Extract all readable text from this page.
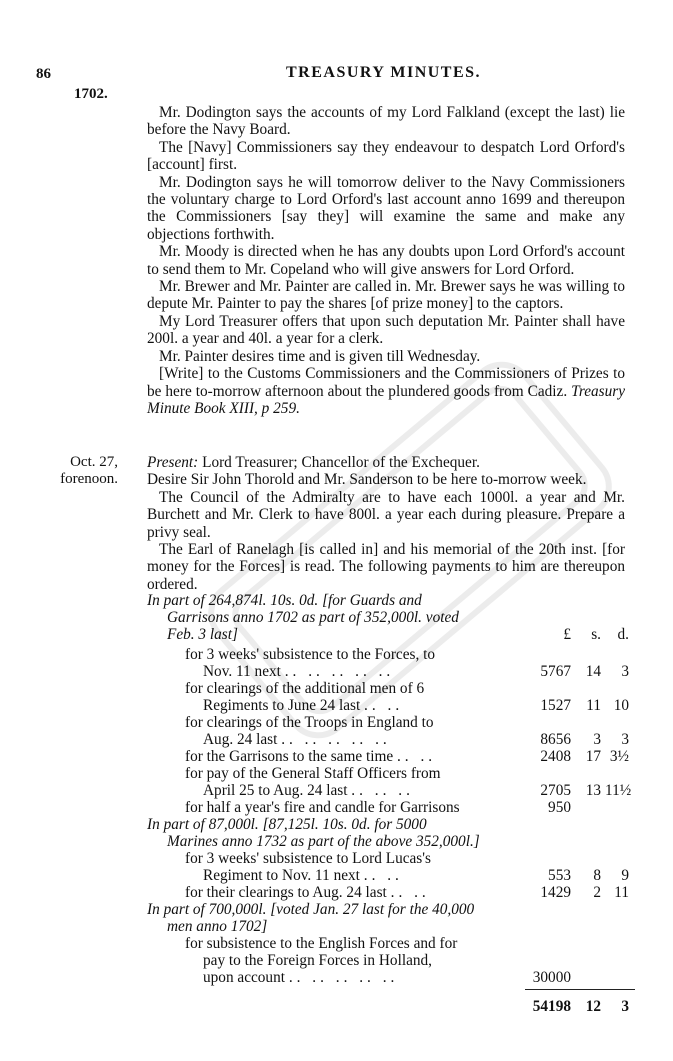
86	TREASURY MINUTES.
1702.

Mr. Dodington says the accounts of my Lord Falkland (except the last) lie before the Navy Board.

The [Navy] Commissioners say they endeavour to despatch Lord Orford's [account] first.

Mr. Dodington says he will tomorrow deliver to the Navy Commissioners the voluntary charge to Lord Orford's last account anno 1699 and thereupon the Commissioners [say they] will examine the same and make any objections forthwith.

Mr. Moody is directed when he has any doubts upon Lord Orford's account to send them to Mr. Copeland who will give answers for Lord Orford.

Mr. Brewer and Mr. Painter are called in. Mr. Brewer says he was willing to depute Mr. Painter to pay the shares [of prize money] to the captors.

My Lord Treasurer offers that upon such deputation Mr. Painter shall have 200l. a year and 40l. a year for a clerk.

Mr. Painter desires time and is given till Wednesday.

[Write] to the Customs Commissioners and the Commissioners of Prizes to be here to-morrow afternoon about the plundered goods from Cadiz. Treasury Minute Book XIII, p 259.

Oct. 27,
forenoon.

Present: Lord Treasurer; Chancellor of the Exchequer.

Desire Sir John Thorold and Mr. Sanderson to be here to-morrow week.

The Council of the Admiralty are to have each 1000l. a year and Mr. Burchett and Mr. Clerk to have 800l. a year each during pleasure. Prepare a privy seal.

The Earl of Ranelagh [is called in] and his memorial of the 20th inst. [for money for the Forces] is read. The following payments to him are thereupon ordered.

In part of 264,874l. 10s. 0d. [for Guards and
Garrisons anno 1702 as part of 352,000l. voted
Feb. 3 last]	£	s.	d.
for 3 weeks' subsistence to the Forces, to
Nov. 11 next .. .. .. .. ..	5767 14	3
for clearings of the additional men of 6
Regiments to June 24 last .. ..	1527 11 10
for clearings of the Troops in England to
Aug. 24 last .. .. .. .. ..	8656	3	3
for the Garrisons to the same time .. ..	2408 17 3½
for pay of the General Staff Officers from
April 25 to Aug. 24 last .. .. ..	2705 13 11½
for half a year's fire and candle for Garrisons	950
In part of 87,000l. [87,125l. 10s. 0d. for 5000
Marines anno 1732 as part of the above 352,000l.]
for 3 weeks' subsistence to Lord Lucas's
Regiment to Nov. 11 next .. ..	553	8	9
for their clearings to Aug. 24 last .. ..	1429	2 11
In part of 700,000l. [voted Jan. 27 last for the 40,000
men anno 1702]
for subsistence to the English Forces and for
pay to the Foreign Forces in Holland,
upon account .. .. .. .. ..	30000
54198 12	3
